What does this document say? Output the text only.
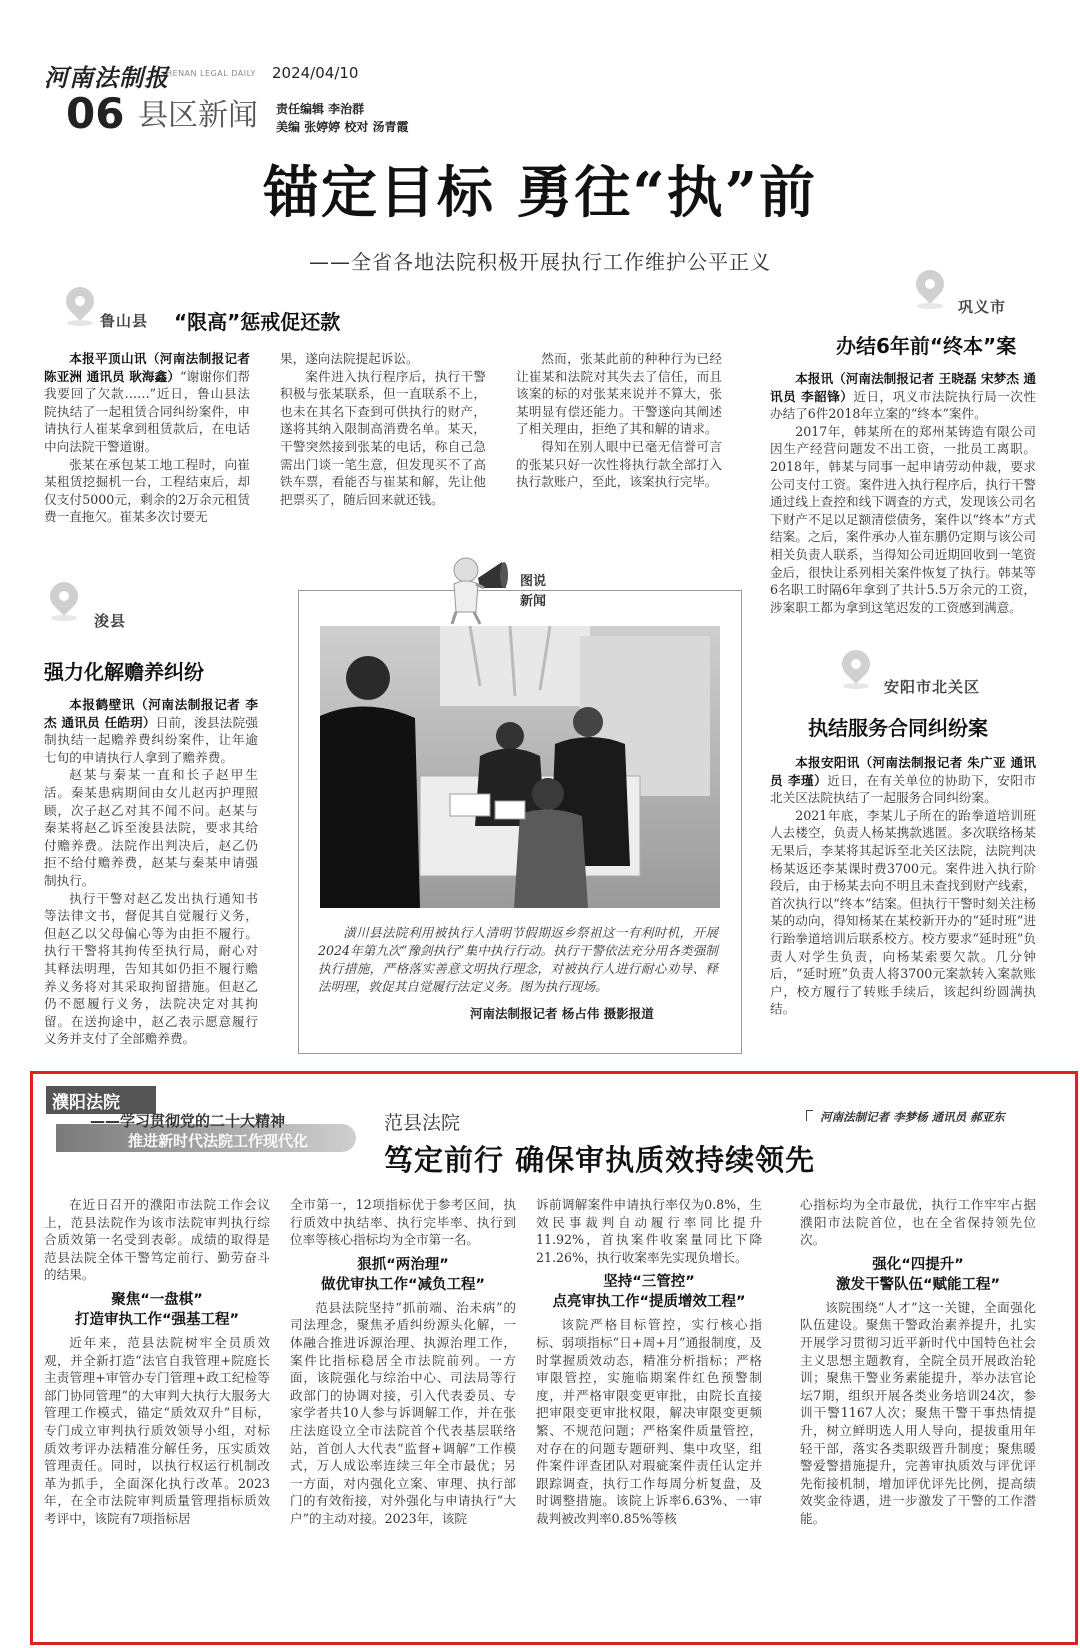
河南法制报
HENAN LEGAL DAILY 2024/04/10
06 县区新闻 责任编辑 李治群
美编 张婷婷 校对 汤青霞
锚定目标 勇往“执”前
——全省各地法院积极开展执行工作维护公平正义
鲁山县 “限高”惩戒促还款

本报平顶山讯（河南法制报记者 陈亚洲 通讯员 耿海鑫）“谢谢你们帮我要回了欠款……”近日，鲁山县法院执结了一起租赁合同纠纷案件，申请执行人崔某拿到租赁款后，在电话中向法院干警道谢。

张某在承包某工地工程时，向崔某租赁挖掘机一台，工程结束后，却仅支付5000元，剩余的2万余元租赁费一直拖欠。崔某多次讨要无

果，遂向法院提起诉讼。

案件进入执行程序后，执行干警积极与张某联系，但一直联系不上，也未在其名下查到可供执行的财产，遂将其纳入限制高消费名单。某天，干警突然接到张某的电话，称自己急需出门谈一笔生意，但发现买不了高铁车票，看能否与崔某和解，先让他把票买了，随后回来就还钱。

然而，张某此前的种种行为已经让崔某和法院对其失去了信任，而且该案的标的对张某来说并不算大，张某明显有偿还能力。干警遂向其阐述了相关理由，拒绝了其和解的请求。

得知在别人眼中已毫无信誉可言的张某只好一次性将执行款全部打入执行款账户，至此，该案执行完毕。

巩义市
办结6年前“终本”案

本报讯（河南法制报记者 王晓磊 宋梦杰 通讯员 李韶锋）近日，巩义市法院执行局一次性办结了6件2018年立案的“终本”案件。

2017年，韩某所在的郑州某铸造有限公司因生产经营问题发不出工资，一批员工离职。2018年，韩某与同事一起申请劳动仲裁，要求公司支付工资。案件进入执行程序后，执行干警通过线上查控和线下调查的方式，发现该公司名下财产不足以足额清偿债务，案件以“终本”方式结案。之后，案件承办人崔东鹏仍定期与该公司相关负责人联系，当得知公司近期回收到一笔资金后，很快让系列相关案件恢复了执行。韩某等6名职工时隔6年拿到了共计5.5万余元的工资，涉案职工都为拿到这笔迟发的工资感到满意。

浚县
强力化解赡养纠纷

本报鹤壁讯（河南法制报记者 李杰 通讯员 任皓玥）日前，浚县法院强制执结一起赡养费纠纷案件，让年逾七旬的申请执行人拿到了赡养费。

赵某与秦某一直和长子赵甲生活。秦某患病期间由女儿赵丙护理照顾，次子赵乙对其不闻不问。赵某与秦某将赵乙诉至浚县法院，要求其给付赡养费。法院作出判决后，赵乙仍拒不给付赡养费，赵某与秦某申请强制执行。

执行干警对赵乙发出执行通知书等法律文书，督促其自觉履行义务，但赵乙以父母偏心等为由拒不履行。执行干警将其拘传至执行局，耐心对其释法明理，告知其如仍拒不履行赡养义务将对其采取拘留措施。但赵乙仍不愿履行义务，法院决定对其拘留。在送拘途中，赵乙表示愿意履行义务并支付了全部赡养费。

图说新闻
潢川县法院利用被执行人清明节假期返乡祭祖这一有利时机，开展2024年第九次“豫剑执行”集中执行行动。执行干警依法充分用各类强制执行措施，严格落实善意文明执行理念，对被执行人进行耐心劝导、释法明理，敦促其自觉履行法定义务。图为执行现场。
河南法制报记者 杨占伟 摄影报道
安阳市北关区
执结服务合同纠纷案

本报安阳讯（河南法制报记者 朱广亚 通讯员 李瑾）近日，在有关单位的协助下，安阳市北关区法院执结了一起服务合同纠纷案。

2021年底，李某儿子所在的跆拳道培训班人去楼空，负责人杨某携款逃匿。多次联络杨某无果后，李某将其起诉至北关区法院，法院判决杨某返还李某课时费3700元。案件进入执行阶段后，由于杨某去向不明且未查找到财产线索，首次执行以“终本”结案。但执行干警时刻关注杨某的动向，得知杨某在某校新开办的“延时班”进行跆拳道培训后联系校方。校方要求“延时班”负责人对学生负责，向杨某索要欠款。几分钟后，“延时班”负责人将3700元案款转入案款账户，校方履行了转账手续后，该起纠纷圆满执结。

濮阳法院
——学习贯彻党的二十大精神
推进新时代法院工作现代化
范县法院	河南法制记者 李梦杨 通讯员 郝亚东
笃定前行 确保审执质效持续领先

在近日召开的濮阳市法院工作会议上，范县法院作为该市法院审判执行综合质效第一名受到表彰。成绩的取得是范县法院全体干警笃定前行、勤劳奋斗的结果。

聚焦“一盘棋”
打造审执工作“强基工程”

近年来，范县法院树牢全员质效观，并全新打造“法官自我管理+院庭长主责管理+审管办专门管理+政工纪检等部门协同管理”的大审判大执行大服务大管理工作模式，锚定“质效双升”目标，专门成立审判执行质效领导小组，对标质效考评办法精准分解任务，压实质效管理责任。同时，以执行权运行机制改革为抓手，全面深化执行改革。2023年，在全市法院审判质量管理指标质效考评中，该院有7项指标居

全市第一，12项指标优于参考区间，执行质效中执结率、执行完毕率、执行到位率等核心指标均为全市第一名。

狠抓“两治理”
做优审执工作“减负工程”

范县法院坚持“抓前端、治未病”的司法理念，聚焦矛盾纠纷源头化解，一体融合推进诉源治理、执源治理工作，案件比指标稳居全市法院前列。一方面，该院强化与综治中心、司法局等行政部门的协调对接，引入代表委员、专家学者共10人参与诉调解工作，并在张庄法庭设立全市法院首个代表基层联络站，首创人大代表“监督+调解”工作模式，万人成讼率连续三年全市最优；另一方面，对内强化立案、审理、执行部门的有效衔接，对外强化与申请执行“大户”的主动对接。2023年，该院

诉前调解案件申请执行率仅为0.8%，生效民事裁判自动履行率同比提升11.92%，首执案件收案量同比下降21.26%，执行收案率先实现负增长。

坚持“三管控”
点亮审执工作“提质增效工程”

该院严格目标管控，实行核心指标、弱项指标“日+周+月”通报制度，及时掌握质效动态，精准分析指标；严格审限管控，实施临期案件红色预警制度，并严格审限变更审批，由院长直接把审限变更审批权限，解决审限变更频繁、不规范问题；严格案件质量管控，对存在的问题专题研判、集中攻坚，组件案件评查团队对瑕疵案件责任认定并跟踪调查，执行工作每周分析复盘，及时调整措施。该院上诉率6.63%、一审裁判被改判率0.85%等核

心指标均为全市最优，执行工作牢牢占据濮阳市法院首位，也在全省保持领先位次。

强化“四提升”
激发干警队伍“赋能工程”

该院围绕“人才”这一关键，全面强化队伍建设。聚焦干警政治素养提升，扎实开展学习贯彻习近平新时代中国特色社会主义思想主题教育，全院全员开展政治轮训；聚焦干警业务素能提升，举办法官论坛7期，组织开展各类业务培训24次，参训干警1167人次；聚焦干警干事热情提升，树立鲜明选人用人导向，提拔重用年轻干部，落实各类职级晋升制度；聚焦暖警爱警措施提升，完善审执质效与评优评先衔接机制，增加评优评先比例，提高绩效奖金待遇，进一步激发了干警的工作潜能。
